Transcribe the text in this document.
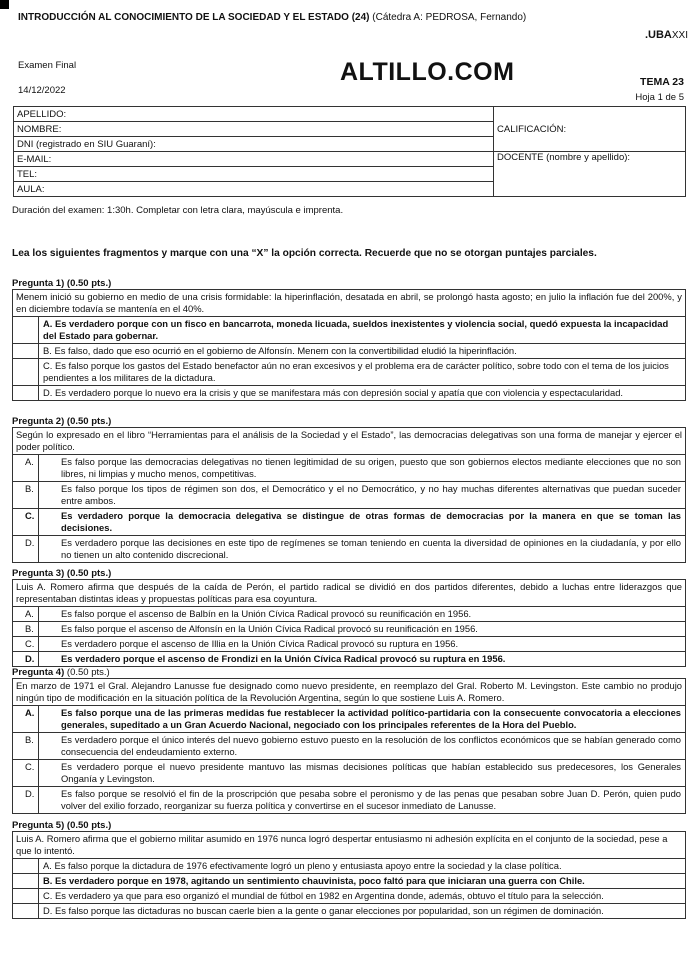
INTRODUCCIÓN AL CONOCIMIENTO DE LA SOCIEDAD Y EL ESTADO (24) (Cátedra A: PEDROSA, Fernando)
.UBAXXI
Examen Final
14/12/2022
ALTILLO.COM	TEMA 23
Hoja 1 de 5
APELLIDO:	CALIFICACIÓN:
NOMBRE:	
DNI (registrado en SIU Guaraní):	
E-MAIL:	DOCENTE (nombre y apellido):
TEL:	
AULA:	
Duración del examen: 1:30h. Completar con letra clara, mayúscula e imprenta.
Lea los siguientes fragmentos y marque con una “X” la opción correcta. Recuerde que no se otorgan puntajes parciales.
Pregunta 1) (0.50 pts.)
Menem inició su gobierno en medio de una crisis formidable: la hiperinflación, desatada en abril, se prolongó hasta agosto; en julio la inflación fue del 200%, y en diciembre todavía se mantenía en el 40%.
A. Es verdadero porque con un fisco en bancarrota, moneda licuada, sueldos inexistentes y violencia social, quedó expuesta la incapacidad del Estado para gobernar.
B. Es falso, dado que eso ocurrió en el gobierno de Alfonsín. Menem con la convertibilidad eludió la hiperinflación.
C. Es falso porque los gastos del Estado benefactor aún no eran excesivos y el problema era de carácter político, sobre todo con el tema de los juicios pendientes a los militares de la dictadura.
D. Es verdadero porque lo nuevo era la crisis y que se manifestara más con depresión social y apatía que con violencia y espectacularidad.
Pregunta 2) (0.50 pts.)
Según lo expresado en el libro “Herramientas para el análisis de la Sociedad y el Estado”, las democracias delegativas son una forma de manejar y ejercer el poder político.
A.	Es falso porque las democracias delegativas no tienen legitimidad de su origen, puesto que son gobiernos electos mediante elecciones que no son libres, ni limpias y mucho menos, competitivas.
B.	Es falso porque los tipos de régimen son dos, el Democrático y el no Democrático, y no hay muchas diferentes alternativas que puedan suceder entre ambos.
C.	Es verdadero porque la democracia delegativa se distingue de otras formas de democracias por la manera en que se toman las decisiones.
D.	Es verdadero porque las decisiones en este tipo de regímenes se toman teniendo en cuenta la diversidad de opiniones en la ciudadanía, y por ello no tienen un alto contenido discrecional.
Pregunta 3) (0.50 pts.)
Luis A. Romero afirma que después de la caída de Perón, el partido radical se dividió en dos partidos diferentes, debido a luchas entre liderazgos que representaban distintas ideas y propuestas políticas para esa coyuntura.
A.	Es falso porque el ascenso de Balbín en la Unión Cívica Radical provocó su reunificación en 1956.
B.	Es falso porque el ascenso de Alfonsín en la Unión Cívica Radical provocó su reunificación en 1956.
C.	Es verdadero porque el ascenso de Illia en la Unión Cívica Radical provocó su ruptura en 1956.
D.	Es verdadero porque el ascenso de Frondizi en la Unión Cívica Radical provocó su ruptura en 1956.
Pregunta 4) (0.50 pts.)
En marzo de 1971 el Gral. Alejandro Lanusse fue designado como nuevo presidente, en reemplazo del Gral. Roberto M. Levingston. Este cambio no produjo ningún tipo de modificación en la situación política de la Revolución Argentina, según lo que sostiene Luis A. Romero.
A.	Es falso porque una de las primeras medidas fue restablecer la actividad político-partidaria con la consecuente convocatoria a elecciones generales, supeditado a un Gran Acuerdo Nacional, negociado con los principales referentes de la Hora del Pueblo.
B.	Es verdadero porque el único interés del nuevo gobierno estuvo puesto en la resolución de los conflictos económicos que se habían generado como consecuencia del endeudamiento externo.
C.	Es verdadero porque el nuevo presidente mantuvo las mismas decisiones políticas que habían establecido sus predecesores, los Generales Onganía y Levingston.
D.	Es falso porque se resolvió el fin de la proscripción que pesaba sobre el peronismo y de las penas que pesaban sobre Juan D. Perón, quien pudo volver del exilio forzado, reorganizar su fuerza política y convertirse en el sucesor inmediato de Lanusse.
Pregunta 5) (0.50 pts.)
Luis A. Romero afirma que el gobierno militar asumido en 1976 nunca logró despertar entusiasmo ni adhesión explícita en el conjunto de la sociedad, pese a que lo intentó.
A. Es falso porque la dictadura de 1976 efectivamente logró un pleno y entusiasta apoyo entre la sociedad y la clase política.
B. Es verdadero porque en 1978, agitando un sentimiento chauvinista, poco faltó para que iniciaran una guerra con Chile.
C. Es verdadero ya que para eso organizó el mundial de fútbol en 1982 en Argentina donde, además, obtuvo el título para la selección.
D. Es falso porque las dictaduras no buscan caerle bien a la gente o ganar elecciones por popularidad, son un régimen de dominación.
